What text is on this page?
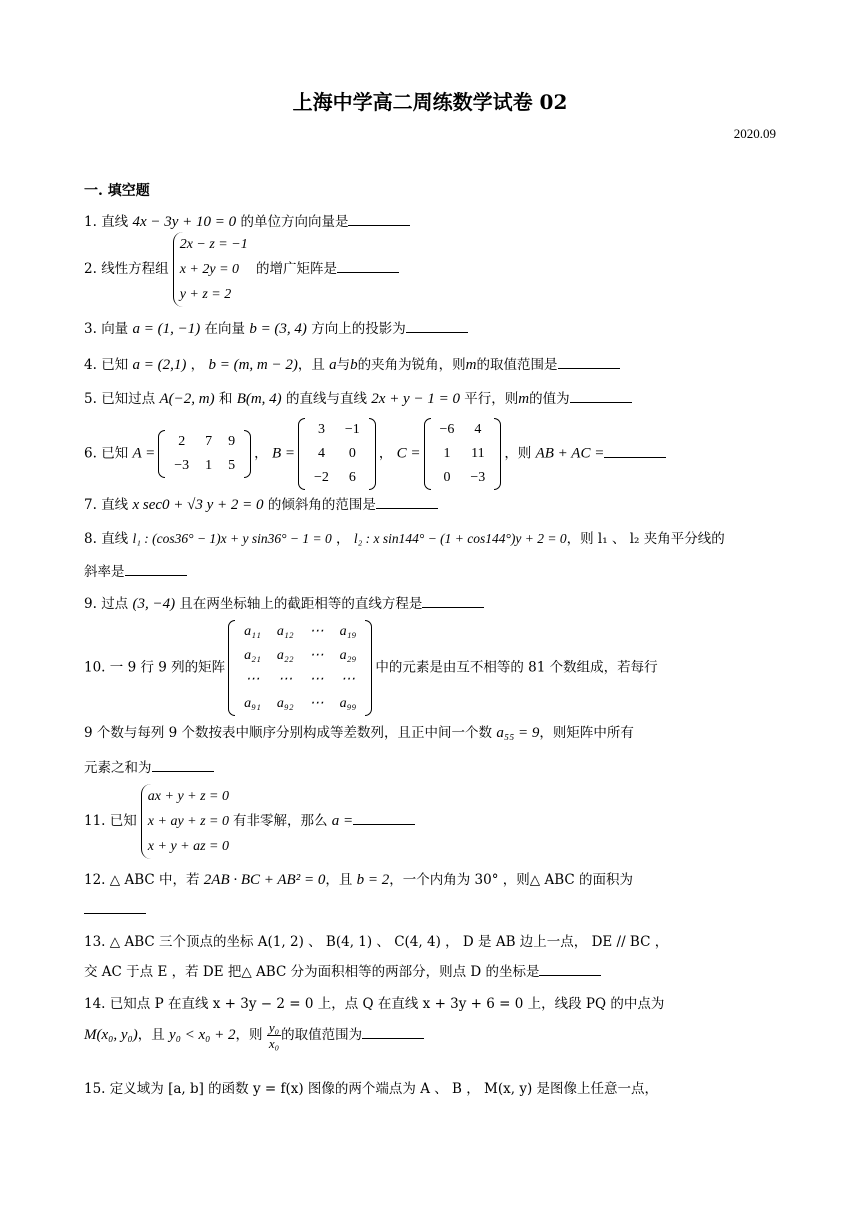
上海中学高二周练数学试卷 02
2020.09
一. 填空题
1. 直线 4x − 3y + 10 = 0 的单位方向向量是
2. 线性方程组
2x − z = −1
x + 2y = 0
y + z = 2
的增广矩阵是
3. 向量 a = (1, −1) 在向量 b = (3, 4) 方向上的投影为
4. 已知 a = (2,1) ， b = (m, m − 2)，且 a与b的夹角为锐角，则m的取值范围是
5. 已知过点 A(−2, m) 和 B(m, 4) 的直线与直线 2x + y − 1 = 0 平行，则m的值为
6. 已知 A =
2	7	9
−3	1	5
， B =
3	−1
4	0
−2	6
， C =
−6	4
1	11
0	−3
，则 AB + AC =
7. 直线 x sec0 + √3 y + 2 = 0 的倾斜角的范围是
8. 直线 l₁ : (cos36° − 1)x + y sin36° − 1 = 0 ， l₂ : x sin144° − (1 + cos144°)y + 2 = 0，则 l₁ 、 l₂ 夹角平分线的
斜率是
9. 过点 (3, −4) 且在两坐标轴上的截距相等的直线方程是
10. 一 9 行 9 列的矩阵
a₁₁	a₁₂	⋯	a₁₉
a₂₁	a₂₂	⋯	a₂₉
⋯	⋯	⋯	⋯
a₉₁	a₉₂	⋯	a₉₉
中的元素是由互不相等的 81 个数组成，若每行
9 个数与每列 9 个数按表中顺序分别构成等差数列，且正中间一个数 a₅₅ = 9，则矩阵中所有
元素之和为
11. 已知
ax + y + z = 0
x + ay + z = 0
x + y + az = 0
有非零解，那么 a =
12. △ ABC 中，若 2AB · BC + AB² = 0，且 b = 2，一个内角为 30° ，则△ ABC 的面积为
13. △ ABC 三个顶点的坐标 A(1, 2) 、 B(4, 1) 、 C(4, 4) ， D 是 AB 边上一点， DE // BC ，
交 AC 于点 E ，若 DE 把△ ABC 分为面积相等的两部分，则点 D 的坐标是
14. 已知点 P 在直线 x + 3y − 2 = 0 上，点 Q 在直线 x + 3y + 6 = 0 上，线段 PQ 的中点为
M(x₀, y₀)，且 y₀ < x₀ + 2，则 $\frac{\text{y₀}}{\text{x₀}}$ 的取值范围为
15. 定义域为 [a, b] 的函数 y = f(x) 图像的两个端点为 A 、 B ， M(x, y) 是图像上任意一点，
